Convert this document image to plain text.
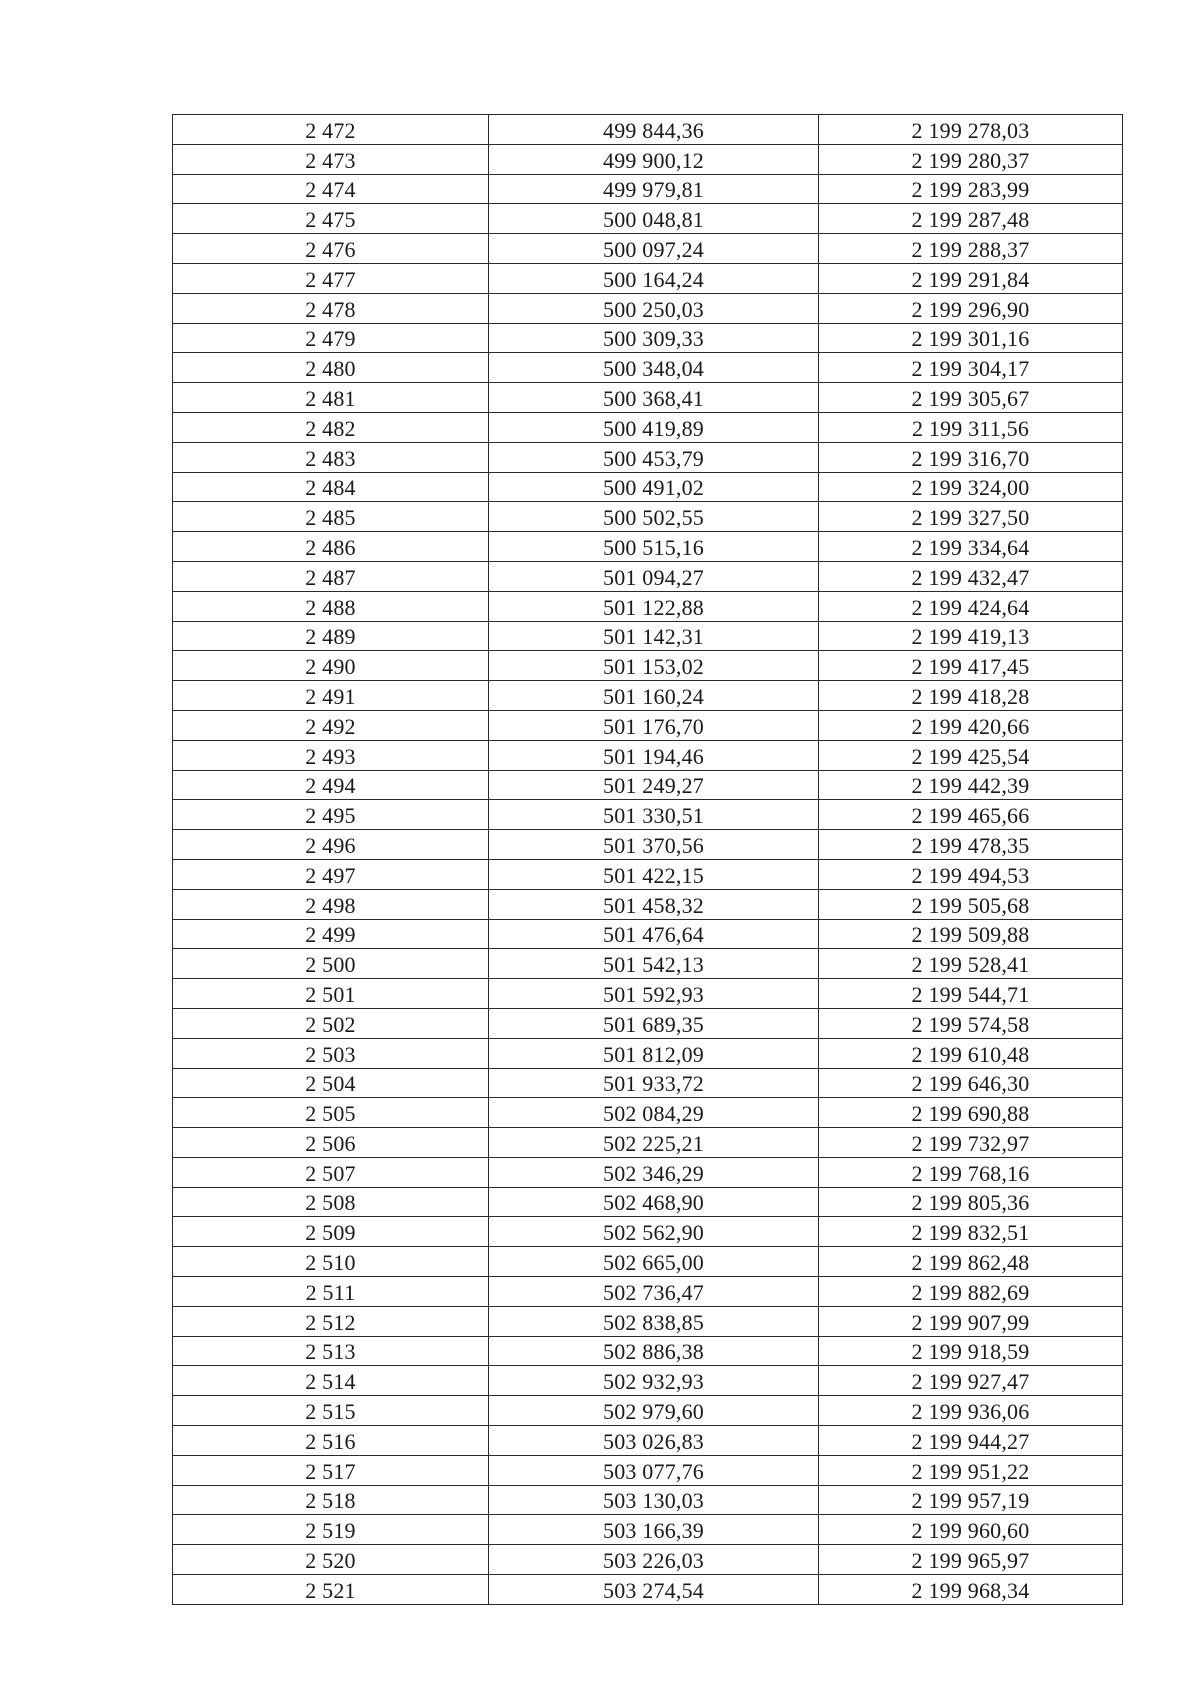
2 472	499 844,36	2 199 278,03
2 473	499 900,12	2 199 280,37
2 474	499 979,81	2 199 283,99
2 475	500 048,81	2 199 287,48
2 476	500 097,24	2 199 288,37
2 477	500 164,24	2 199 291,84
2 478	500 250,03	2 199 296,90
2 479	500 309,33	2 199 301,16
2 480	500 348,04	2 199 304,17
2 481	500 368,41	2 199 305,67
2 482	500 419,89	2 199 311,56
2 483	500 453,79	2 199 316,70
2 484	500 491,02	2 199 324,00
2 485	500 502,55	2 199 327,50
2 486	500 515,16	2 199 334,64
2 487	501 094,27	2 199 432,47
2 488	501 122,88	2 199 424,64
2 489	501 142,31	2 199 419,13
2 490	501 153,02	2 199 417,45
2 491	501 160,24	2 199 418,28
2 492	501 176,70	2 199 420,66
2 493	501 194,46	2 199 425,54
2 494	501 249,27	2 199 442,39
2 495	501 330,51	2 199 465,66
2 496	501 370,56	2 199 478,35
2 497	501 422,15	2 199 494,53
2 498	501 458,32	2 199 505,68
2 499	501 476,64	2 199 509,88
2 500	501 542,13	2 199 528,41
2 501	501 592,93	2 199 544,71
2 502	501 689,35	2 199 574,58
2 503	501 812,09	2 199 610,48
2 504	501 933,72	2 199 646,30
2 505	502 084,29	2 199 690,88
2 506	502 225,21	2 199 732,97
2 507	502 346,29	2 199 768,16
2 508	502 468,90	2 199 805,36
2 509	502 562,90	2 199 832,51
2 510	502 665,00	2 199 862,48
2 511	502 736,47	2 199 882,69
2 512	502 838,85	2 199 907,99
2 513	502 886,38	2 199 918,59
2 514	502 932,93	2 199 927,47
2 515	502 979,60	2 199 936,06
2 516	503 026,83	2 199 944,27
2 517	503 077,76	2 199 951,22
2 518	503 130,03	2 199 957,19
2 519	503 166,39	2 199 960,60
2 520	503 226,03	2 199 965,97
2 521	503 274,54	2 199 968,34
